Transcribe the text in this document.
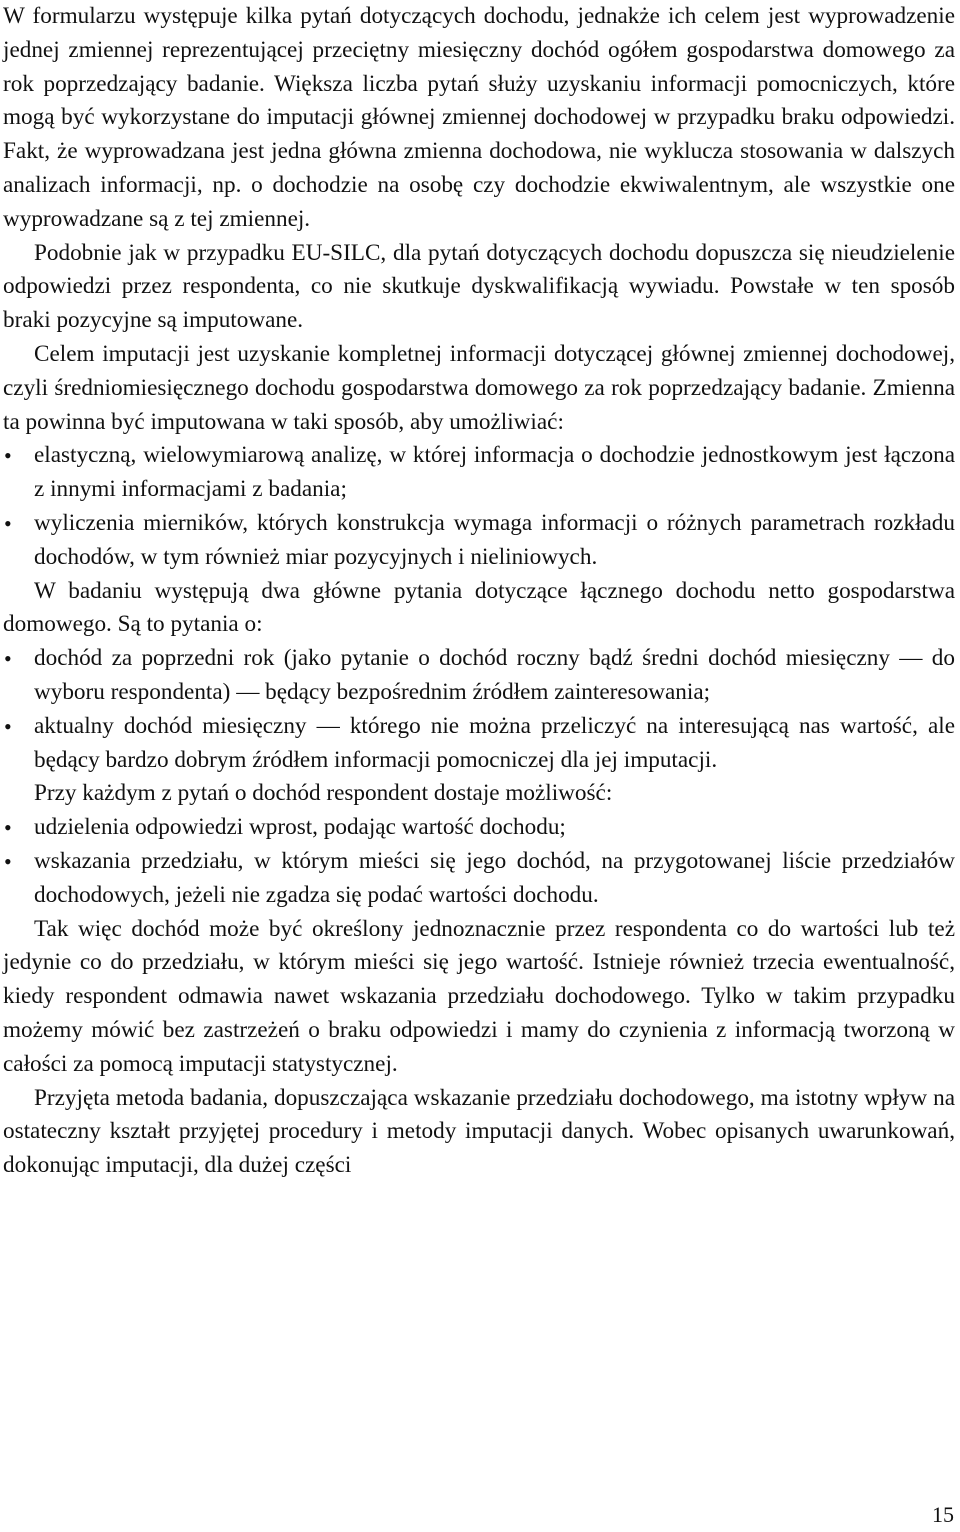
W formularzu występuje kilka pytań dotyczących dochodu, jednakże ich celem jest wyprowadzenie jednej zmiennej reprezentującej przeciętny miesięczny dochód ogółem gospodarstwa domowego za rok poprzedzający badanie. Większa liczba pytań służy uzyskaniu informacji pomocniczych, które mogą być wykorzystane do imputacji głównej zmiennej dochodowej w przypadku braku odpowiedzi. Fakt, że wyprowadzana jest jedna główna zmienna dochodowa, nie wyklucza stosowania w dalszych analizach informacji, np. o dochodzie na osobę czy dochodzie ekwiwalentnym, ale wszystkie one wyprowadzane są z tej zmiennej.

Podobnie jak w przypadku EU-SILC, dla pytań dotyczących dochodu dopuszcza się nieudzielenie odpowiedzi przez respondenta, co nie skutkuje dyskwalifikacją wywiadu. Powstałe w ten sposób braki pozycyjne są imputowane.

Celem imputacji jest uzyskanie kompletnej informacji dotyczącej głównej zmiennej dochodowej, czyli średniomiesięcznego dochodu gospodarstwa domowego za rok poprzedzający badanie. Zmienna ta powinna być imputowana w taki sposób, aby umożliwiać:

• elastyczną, wielowymiarową analizę, w której informacja o dochodzie jednostkowym jest łączona z innymi informacjami z badania;
• wyliczenia mierników, których konstrukcja wymaga informacji o różnych parametrach rozkładu dochodów, w tym również miar pozycyjnych i nieliniowych.

W badaniu występują dwa główne pytania dotyczące łącznego dochodu netto gospodarstwa domowego. Są to pytania o:

• dochód za poprzedni rok (jako pytanie o dochód roczny bądź średni dochód miesięczny — do wyboru respondenta) — będący bezpośrednim źródłem zainteresowania;
• aktualny dochód miesięczny — którego nie można przeliczyć na interesującą nas wartość, ale będący bardzo dobrym źródłem informacji pomocniczej dla jej imputacji.

Przy każdym z pytań o dochód respondent dostaje możliwość:

• udzielenia odpowiedzi wprost, podając wartość dochodu;
• wskazania przedziału, w którym mieści się jego dochód, na przygotowanej liście przedziałów dochodowych, jeżeli nie zgadza się podać wartości dochodu.

Tak więc dochód może być określony jednoznacznie przez respondenta co do wartości lub też jedynie co do przedziału, w którym mieści się jego wartość. Istnieje również trzecia ewentualność, kiedy respondent odmawia nawet wskazania przedziału dochodowego. Tylko w takim przypadku możemy mówić bez zastrzeżeń o braku odpowiedzi i mamy do czynienia z informacją tworzoną w całości za pomocą imputacji statystycznej.

Przyjęta metoda badania, dopuszczająca wskazanie przedziału dochodowego, ma istotny wpływ na ostateczny kształt przyjętej procedury i metody imputacji danych. Wobec opisanych uwarunkowań, dokonując imputacji, dla dużej części

15
